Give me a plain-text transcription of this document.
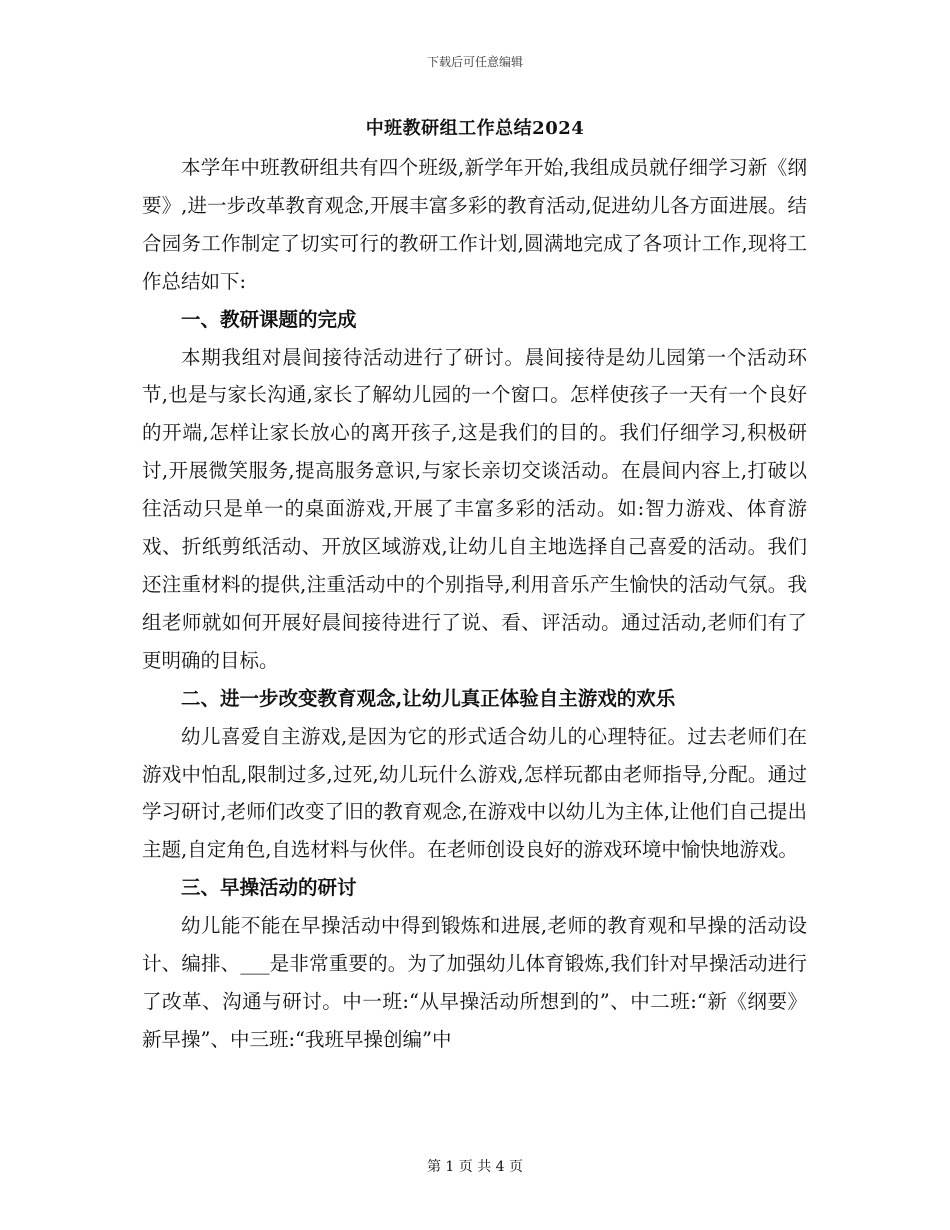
下载后可任意编辑
中班教研组工作总结2024

本学年中班教研组共有四个班级,新学年开始,我组成员就仔细学习新《纲要》,进一步改革教育观念,开展丰富多彩的教育活动,促进幼儿各方面进展。结合园务工作制定了切实可行的教研工作计划,圆满地完成了各项计工作,现将工作总结如下:

一、教研课题的完成

本期我组对晨间接待活动进行了研讨。晨间接待是幼儿园第一个活动环节,也是与家长沟通,家长了解幼儿园的一个窗口。怎样使孩子一天有一个良好的开端,怎样让家长放心的离开孩子,这是我们的目的。我们仔细学习,积极研讨,开展微笑服务,提高服务意识,与家长亲切交谈活动。在晨间内容上,打破以往活动只是单一的桌面游戏,开展了丰富多彩的活动。如:智力游戏、体育游戏、折纸剪纸活动、开放区域游戏,让幼儿自主地选择自己喜爱的活动。我们还注重材料的提供,注重活动中的个别指导,利用音乐产生愉快的活动气氛。我组老师就如何开展好晨间接待进行了说、看、评活动。通过活动,老师们有了更明确的目标。

二、进一步改变教育观念,让幼儿真正体验自主游戏的欢乐

幼儿喜爱自主游戏,是因为它的形式适合幼儿的心理特征。过去老师们在游戏中怕乱,限制过多,过死,幼儿玩什么游戏,怎样玩都由老师指导,分配。通过学习研讨,老师们改变了旧的教育观念,在游戏中以幼儿为主体,让他们自己提出主题,自定角色,自选材料与伙伴。在老师创设良好的游戏环境中愉快地游戏。

三、早操活动的研讨

幼儿能不能在早操活动中得到锻炼和进展,老师的教育观和早操的活动设计、编排、___是非常重要的。为了加强幼儿体育锻炼,我们针对早操活动进行了改革、沟通与研讨。中一班:“从早操活动所想到的”、中二班:“新《纲要》新早操”、中三班:“我班早操创编”中

第 1 页 共 4 页
